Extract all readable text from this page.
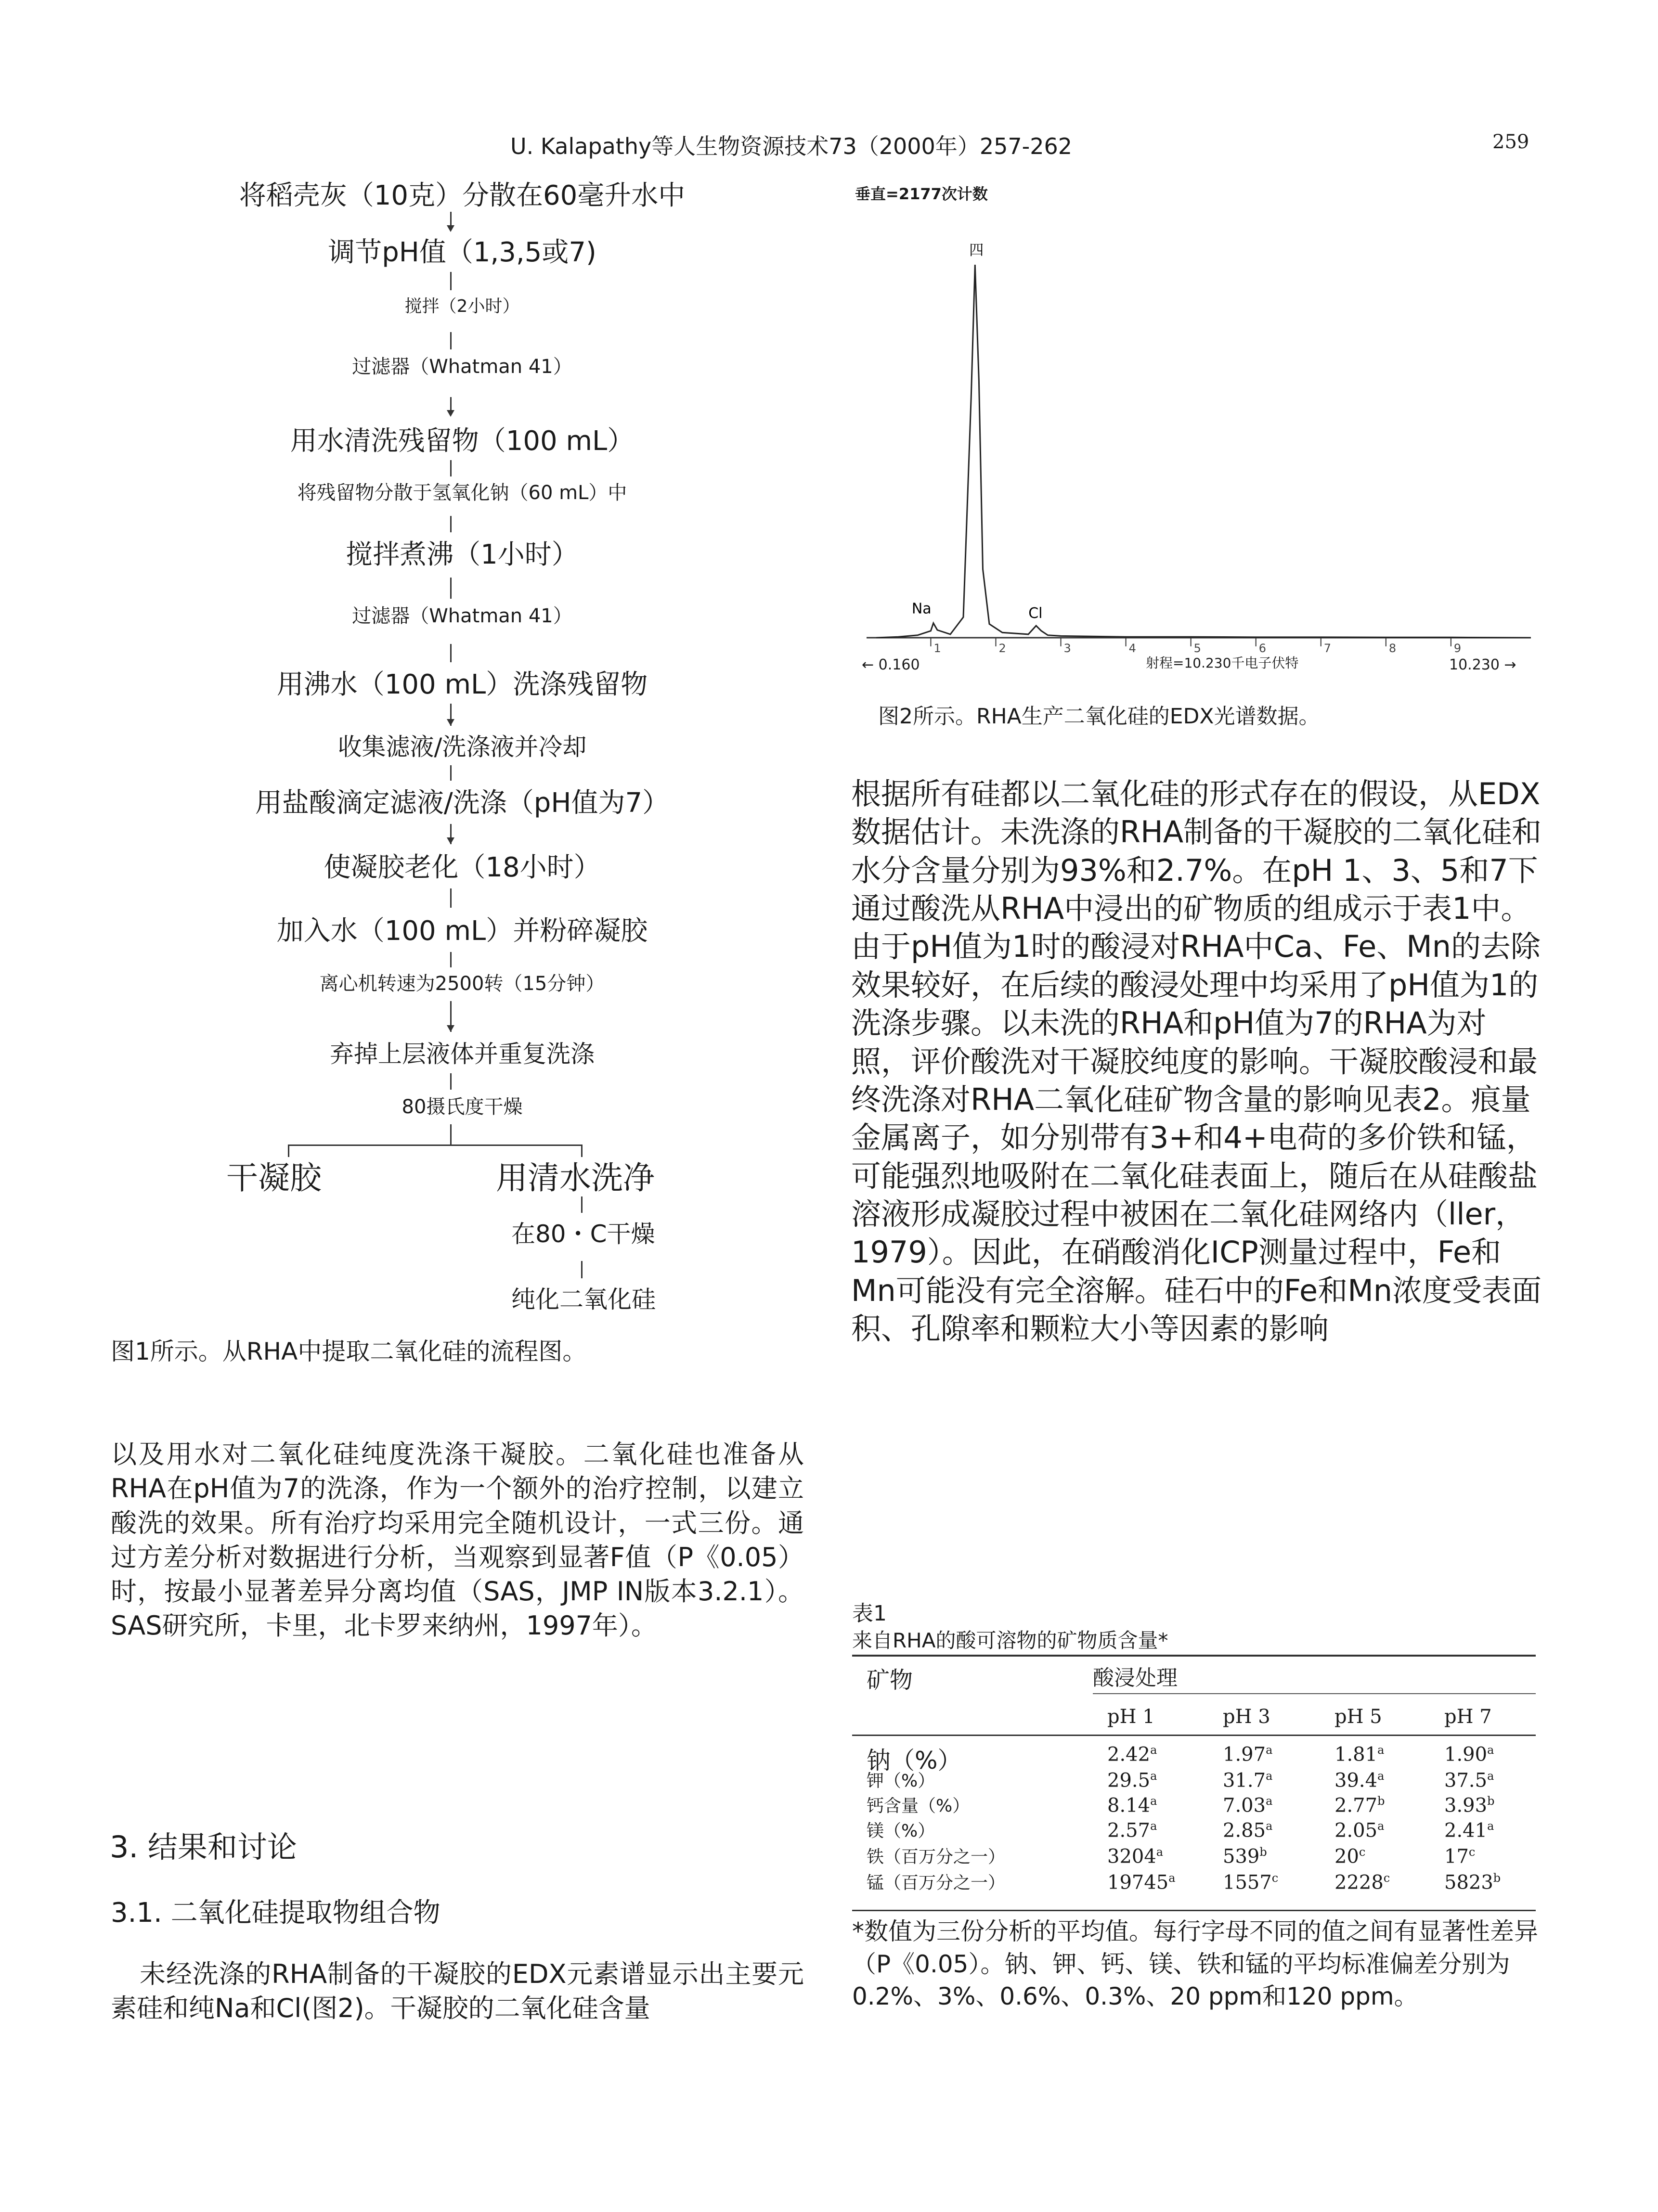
U. Kalapathy等人生物资源技术73（2000年）257-262	259
将稻壳灰（10克）分散在60毫升水中
调节pH值（1,3,5或7)
搅拌（2小时）
过滤器（Whatman 41）
用水清洗残留物（100 mL）
将残留物分散于氢氧化钠（60 mL）中
搅拌煮沸（1小时）
过滤器（Whatman 41）
用沸水（100 mL）洗涤残留物
收集滤液/洗涤液并冷却
用盐酸滴定滤液/洗涤（pH值为7）
使凝胶老化（18小时）
加入水（100 mL）并粉碎凝胶
离心机转速为2500转（15分钟）
弃掉上层液体并重复洗涤
80摄氏度干燥
干凝胶	用清水洗净
在80・C干燥
纯化二氧化硅
图1所示。从RHA中提取二氧化硅的流程图。
以及用水对二氧化硅纯度洗涤干凝胶。二氧化硅也准备从RHA在pH值为7的洗涤，作为一个额外的治疗控制，以建立酸洗的效果。所有治疗均采用完全随机设计，一式三份。通过方差分析对数据进行分析，当观察到显著F值（P《0.05）时，按最小显著差异分离均值（SAS，JMP IN版本3.2.1）。SAS研究所，卡里，北卡罗来纳州，1997年）。
3. 结果和讨论
3.1. 二氧化硅提取物组合物
未经洗涤的RHA制备的干凝胶的EDX元素谱显示出主要元素硅和纯Na和Cl(图2)。干凝胶的二氧化硅含量
垂直=2177次计数
1	2	3	4	5	6	7	8	9
四
Na	Cl
← 0.160	射程=10.230千电子伏特	10.230 →
图2所示。RHA生产二氧化硅的EDX光谱数据。
根据所有硅都以二氧化硅的形式存在的假设，从EDX数据估计。未洗涤的RHA制备的干凝胶的二氧化硅和水分含量分别为93%和2.7%。在pH 1、3、5和7下通过酸洗从RHA中浸出的矿物质的组成示于表1中。由于pH值为1时的酸浸对RHA中Ca、Fe、Mn的去除效果较好，在后续的酸浸处理中均采用了pH值为1的洗涤步骤。以未洗的RHA和pH值为7的RHA为对照，评价酸洗对干凝胶纯度的影响。干凝胶酸浸和最终洗涤对RHA二氧化硅矿物含量的影响见表2。痕量金属离子，如分别带有3+和4+电荷的多价铁和锰，可能强烈地吸附在二氧化硅表面上，随后在从硅酸盐溶液形成凝胶过程中被困在二氧化硅网络内（ller，1979）。因此，在硝酸消化ICP测量过程中，Fe和Mn可能没有完全溶解。硅石中的Fe和Mn浓度受表面积、孔隙率和颗粒大小等因素的影响
表1
来自RHA的酸可溶物的矿物质含量*
矿物	酸浸处理
pH 1	pH 3	pH 5	pH 7
钠（%）	2.42$^a$	1.97$^a$	1.81$^a$	1.90$^a$
钾（%）	29.5$^a$	31.7$^a$	39.4$^a$	37.5$^a$
钙含量（%）	8.14$^a$	7.03$^a$	2.77$^b$	3.93$^b$
镁（%）	2.57$^a$	2.85$^a$	2.05$^a$	2.41$^a$
铁（百万分之一）	3204$^a$	539$^b$	20$^c$	17$^c$
锰（百万分之一）	19745$^a$ 1557$^c$	2228$^c$	5823$^b$
*数值为三份分析的平均值。每行字母不同的值之间有显著性差异（P《0.05）。钠、钾、钙、镁、铁和锰的平均标准偏差分别为0.2%、3%、0.6%、0.3%、20 ppm和120 ppm。
